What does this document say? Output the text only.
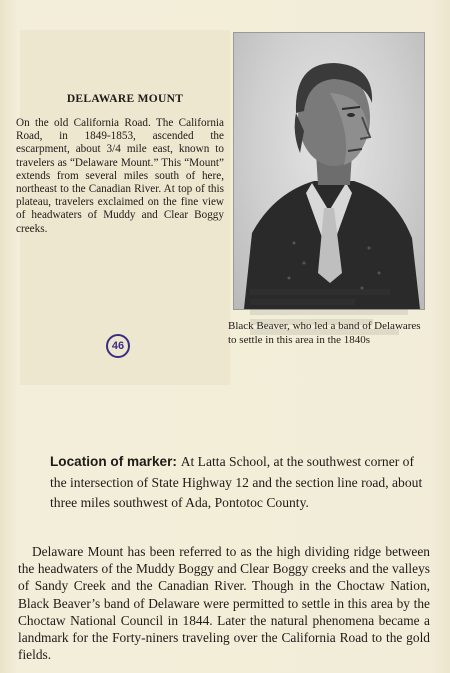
DELAWARE MOUNT
On the old California Road. The California Road, in 1849-1853, ascended the escarpment, about 3/4 mile east, known to travelers as “Delaware Mount.” This “Mount” extends from several miles south of here, northeast to the Canadian River. At top of this plateau, travelers exclaimed on the fine view of headwaters of Muddy and Clear Boggy creeks.
Black Beaver, who led a band of Delawares to settle in this area in the 1840s
46
Location of marker: At Latta School, at the southwest corner of the intersection of State Highway 12 and the section line road, about three miles southwest of Ada, Pontotoc County.
Delaware Mount has been referred to as the high dividing ridge between the headwaters of the Muddy Boggy and Clear Boggy creeks and the valleys of Sandy Creek and the Canadian River. Though in the Choctaw Nation, Black Beaver’s band of Delaware were permitted to settle in this area by the Choctaw National Council in 1844. Later the natural phenomena became a landmark for the Forty-niners traveling over the California Road to the gold fields.
